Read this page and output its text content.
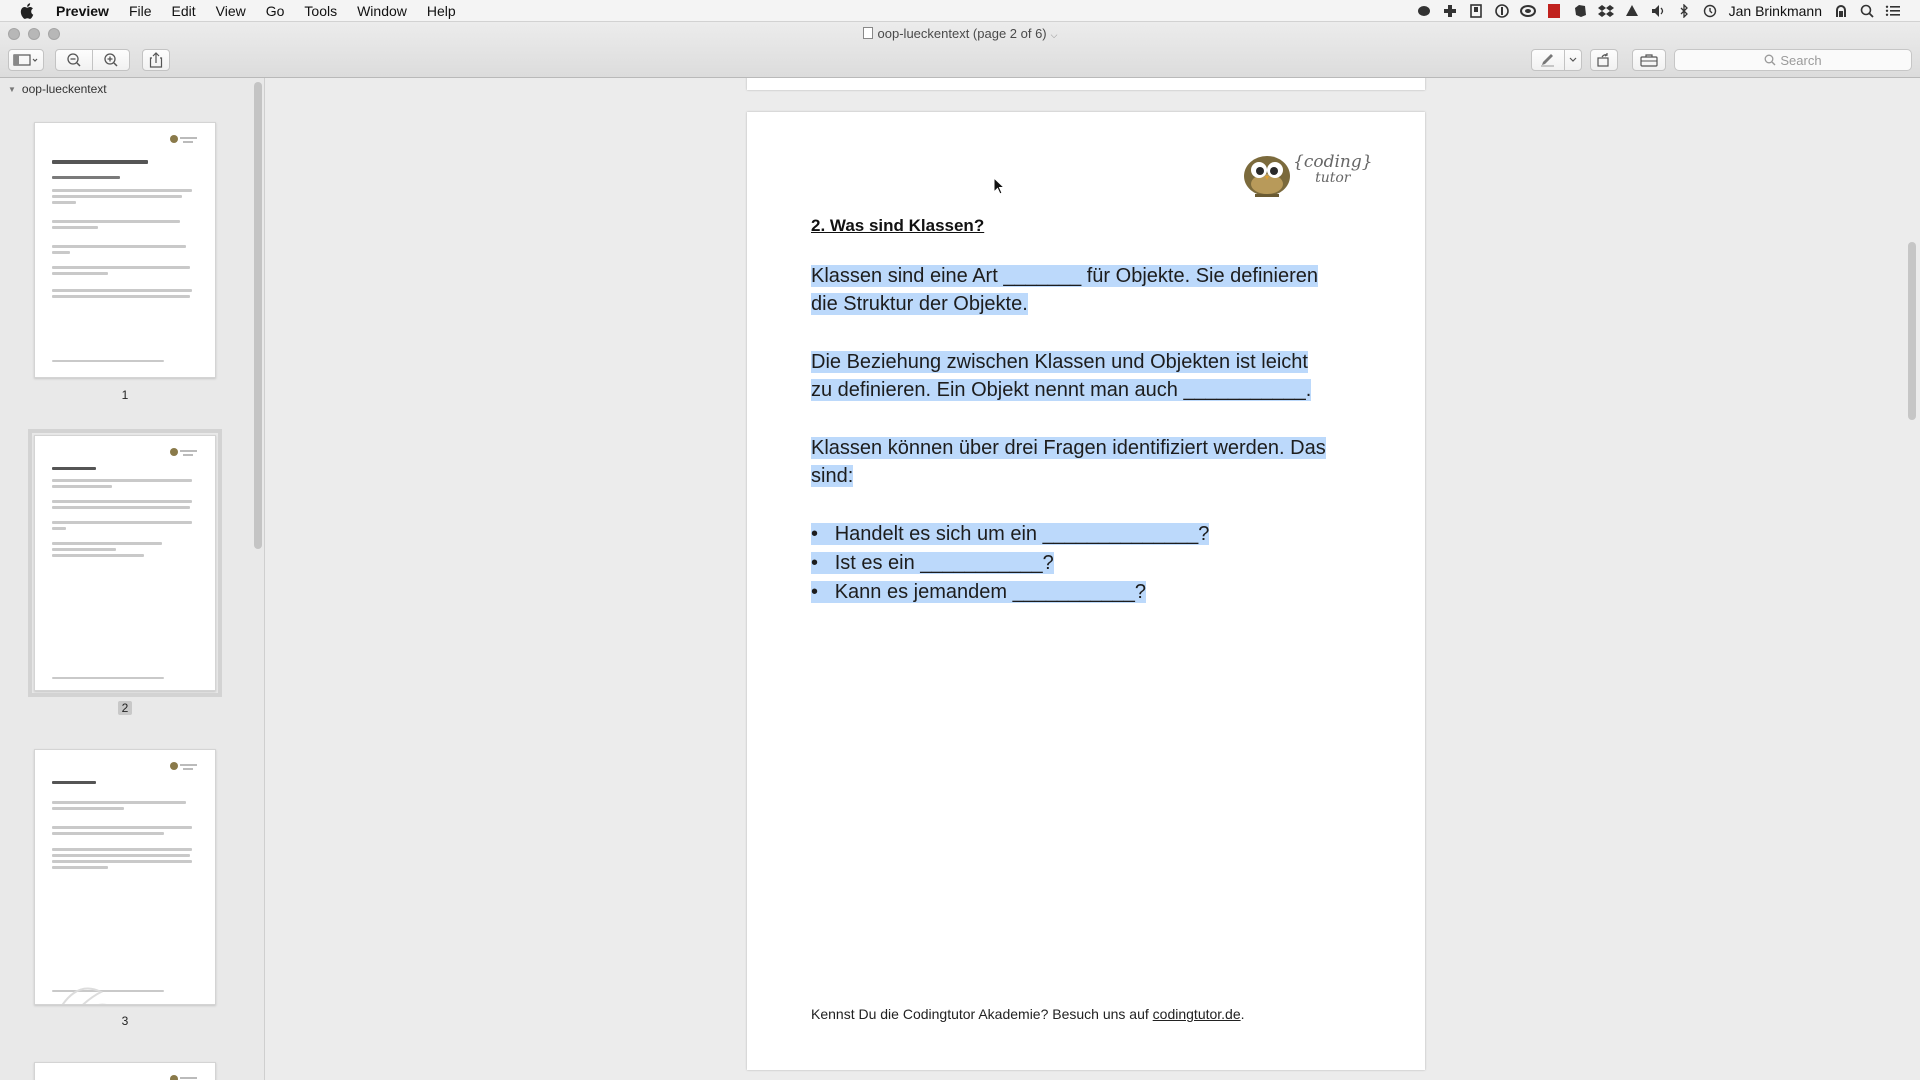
Preview	File	Edit	View	Go	Tools	Window	Help	Jan Brinkmann
oop-lueckentext (page 2 of 6) ⌵
Search
▼ oop-lueckentext
1
2
3
{coding}
tutor
2. Was sind Klassen?
Klassen sind eine Art _______ für Objekte. Sie definieren
die Struktur der Objekte.
Die Beziehung zwischen Klassen und Objekten ist leicht
zu definieren. Ein Objekt nennt man auch ___________.
Klassen können über drei Fragen identifiziert werden. Das
sind:
• Handelt es sich um ein ______________?
• Ist es ein ___________?
• Kann es jemandem ___________?
Kennst Du die Codingtutor Akademie? Besuch uns auf codingtutor.de.
